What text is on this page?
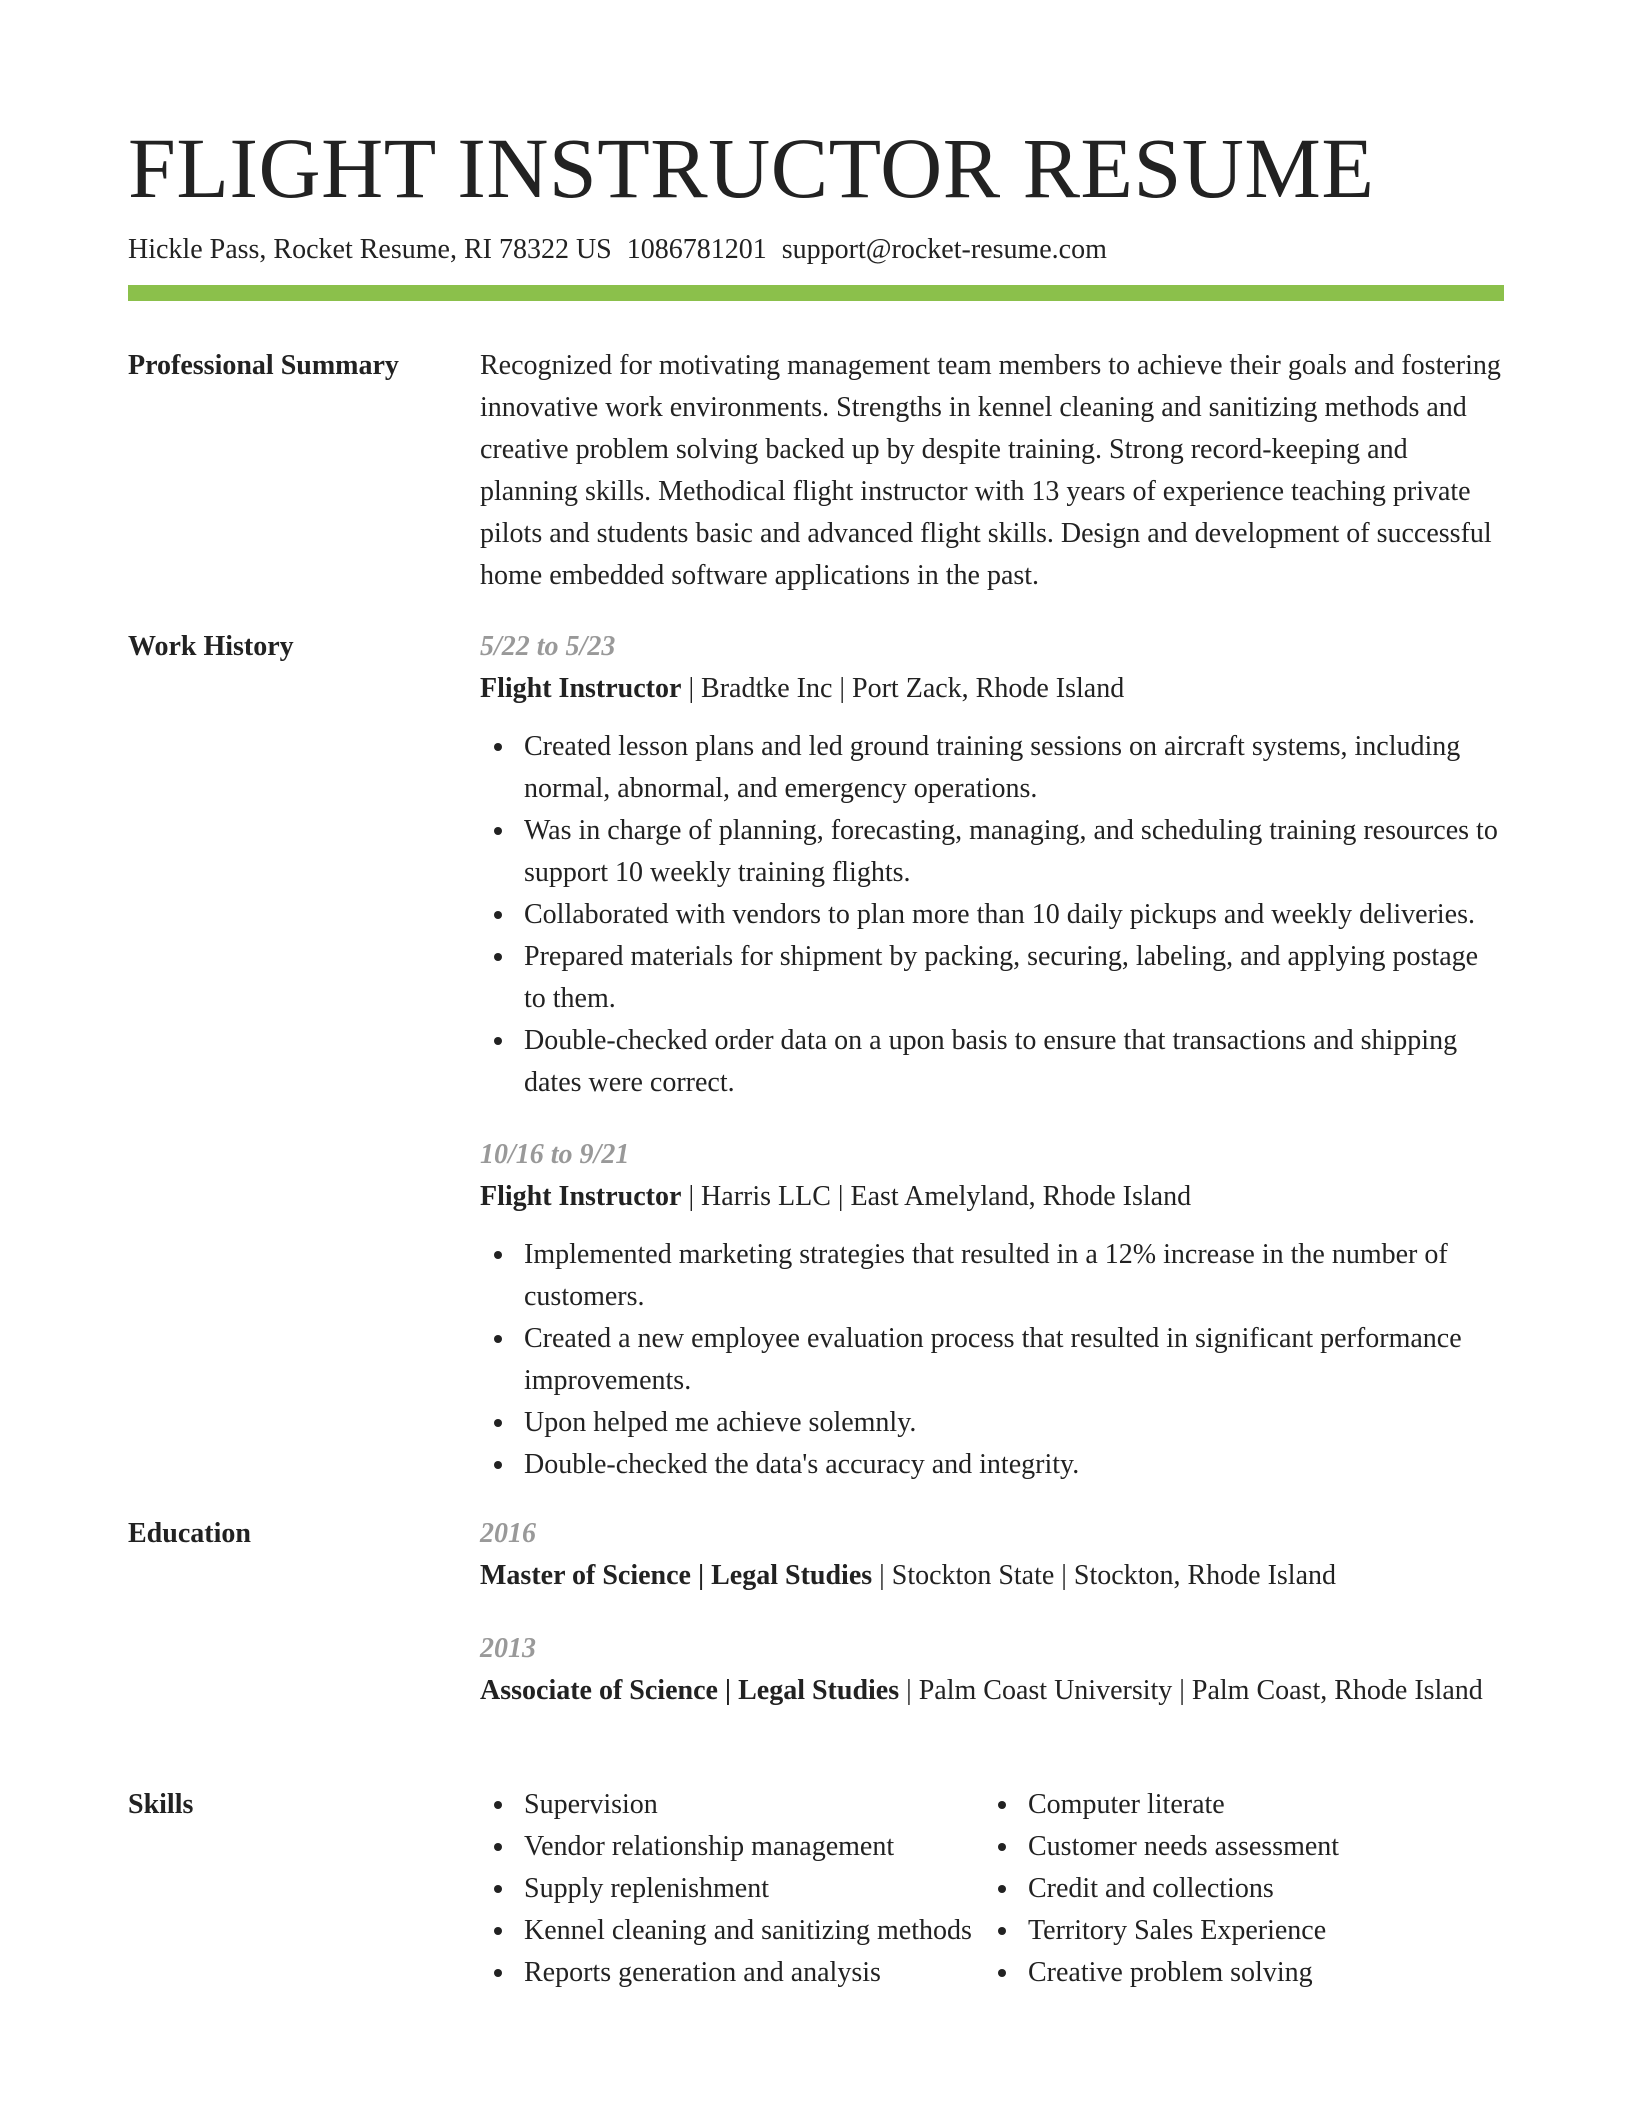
FLIGHT INSTRUCTOR RESUME
Hickle Pass, Rocket Resume, RI 78322 US 1086781201 support@rocket-resume.com
Professional Summary	Recognized for motivating management team members to achieve their goals and fostering innovative work environments. Strengths in kennel cleaning and sanitizing methods and creative problem solving backed up by despite training. Strong record-keeping and planning skills. Methodical flight instructor with 13 years of experience teaching private pilots and students basic and advanced flight skills. Design and development of successful home embedded software applications in the past.

Work History	5/22 to 5/23
Flight Instructor | Bradtke Inc | Port Zack, Rhode Island
Created lesson plans and led ground training sessions on aircraft systems, including normal, abnormal, and emergency operations.
Was in charge of planning, forecasting, managing, and scheduling training resources to support 10 weekly training flights.
Collaborated with vendors to plan more than 10 daily pickups and weekly deliveries.
Prepared materials for shipment by packing, securing, labeling, and applying postage to them.
Double-checked order data on a upon basis to ensure that transactions and shipping dates were correct.
10/16 to 9/21
Flight Instructor | Harris LLC | East Amelyland, Rhode Island
Implemented marketing strategies that resulted in a 12% increase in the number of customers.
Created a new employee evaluation process that resulted in significant performance improvements.
Upon helped me achieve solemnly.
Double-checked the data's accuracy and integrity.
Education	2016
Master of Science | Legal Studies | Stockton State | Stockton, Rhode Island
2013
Associate of Science | Legal Studies | Palm Coast University | Palm Coast, Rhode Island
Skills	Supervision
Vendor relationship management
Supply replenishment
Kennel cleaning and sanitizing methods
Reports generation and analysis
Computer literate
Customer needs assessment
Credit and collections
Territory Sales Experience
Creative problem solving
